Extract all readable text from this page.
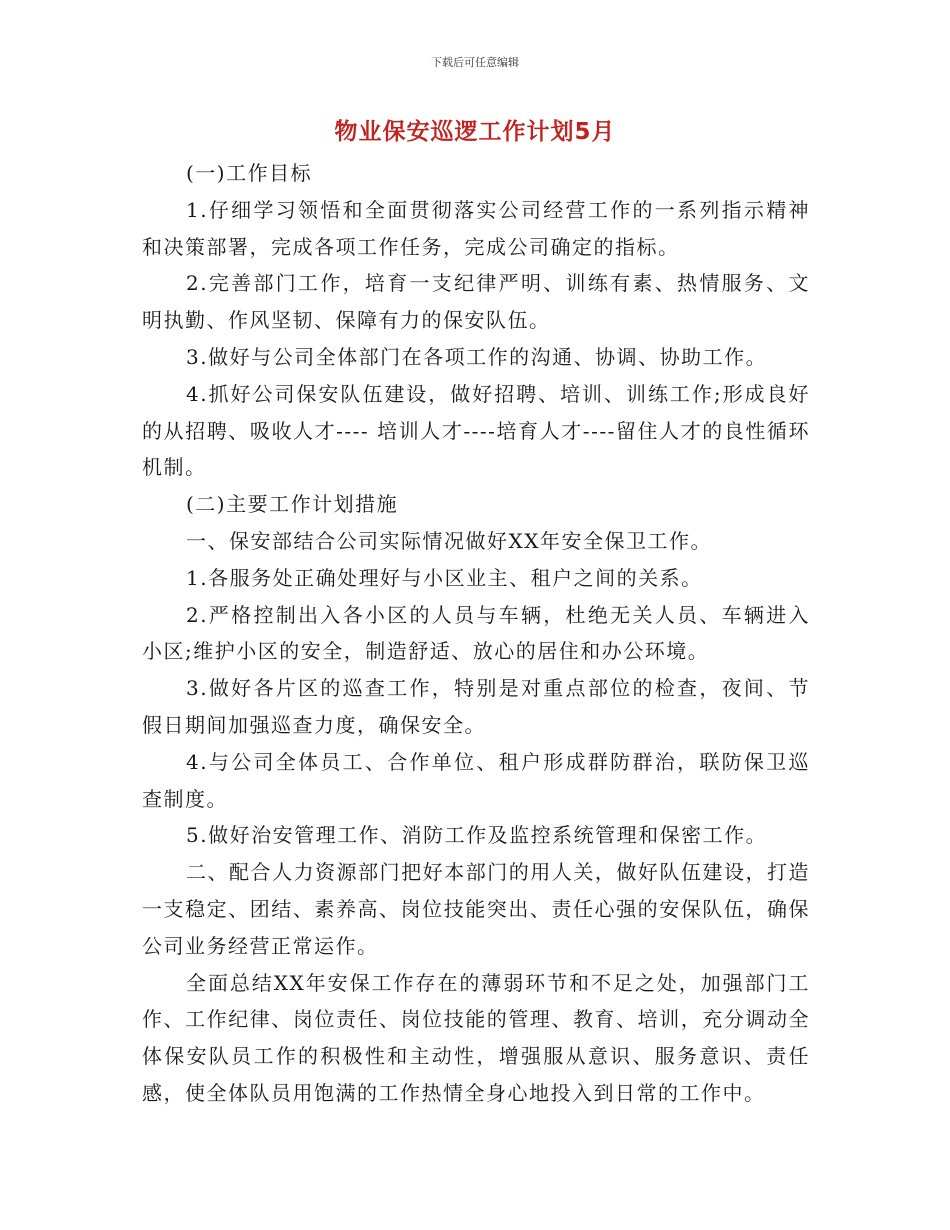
下载后可任意编辑
物业保安巡逻工作计划5月

(一)工作目标

1.仔细学习领悟和全面贯彻落实公司经营工作的一系列指示精神和决策部署，完成各项工作任务，完成公司确定的指标。

2.完善部门工作，培育一支纪律严明、训练有素、热情服务、文明执勤、作风坚韧、保障有力的保安队伍。

3.做好与公司全体部门在各项工作的沟通、协调、协助工作。

4.抓好公司保安队伍建设，做好招聘、培训、训练工作;形成良好的从招聘、吸收人才---- 培训人才----培育人才----留住人才的良性循环机制。

(二)主要工作计划措施

一、保安部结合公司实际情况做好XX年安全保卫工作。

1.各服务处正确处理好与小区业主、租户之间的关系。

2.严格控制出入各小区的人员与车辆，杜绝无关人员、车辆进入小区;维护小区的安全，制造舒适、放心的居住和办公环境。

3.做好各片区的巡查工作，特别是对重点部位的检查，夜间、节假日期间加强巡查力度，确保安全。

4.与公司全体员工、合作单位、租户形成群防群治，联防保卫巡查制度。

5.做好治安管理工作、消防工作及监控系统管理和保密工作。

二、配合人力资源部门把好本部门的用人关，做好队伍建设，打造一支稳定、团结、素养高、岗位技能突出、责任心强的安保队伍，确保公司业务经营正常运作。

全面总结XX年安保工作存在的薄弱环节和不足之处，加强部门工作、工作纪律、岗位责任、岗位技能的管理、教育、培训，充分调动全体保安队员工作的积极性和主动性，增强服从意识、服务意识、责任感，使全体队员用饱满的工作热情全身心地投入到日常的工作中。
